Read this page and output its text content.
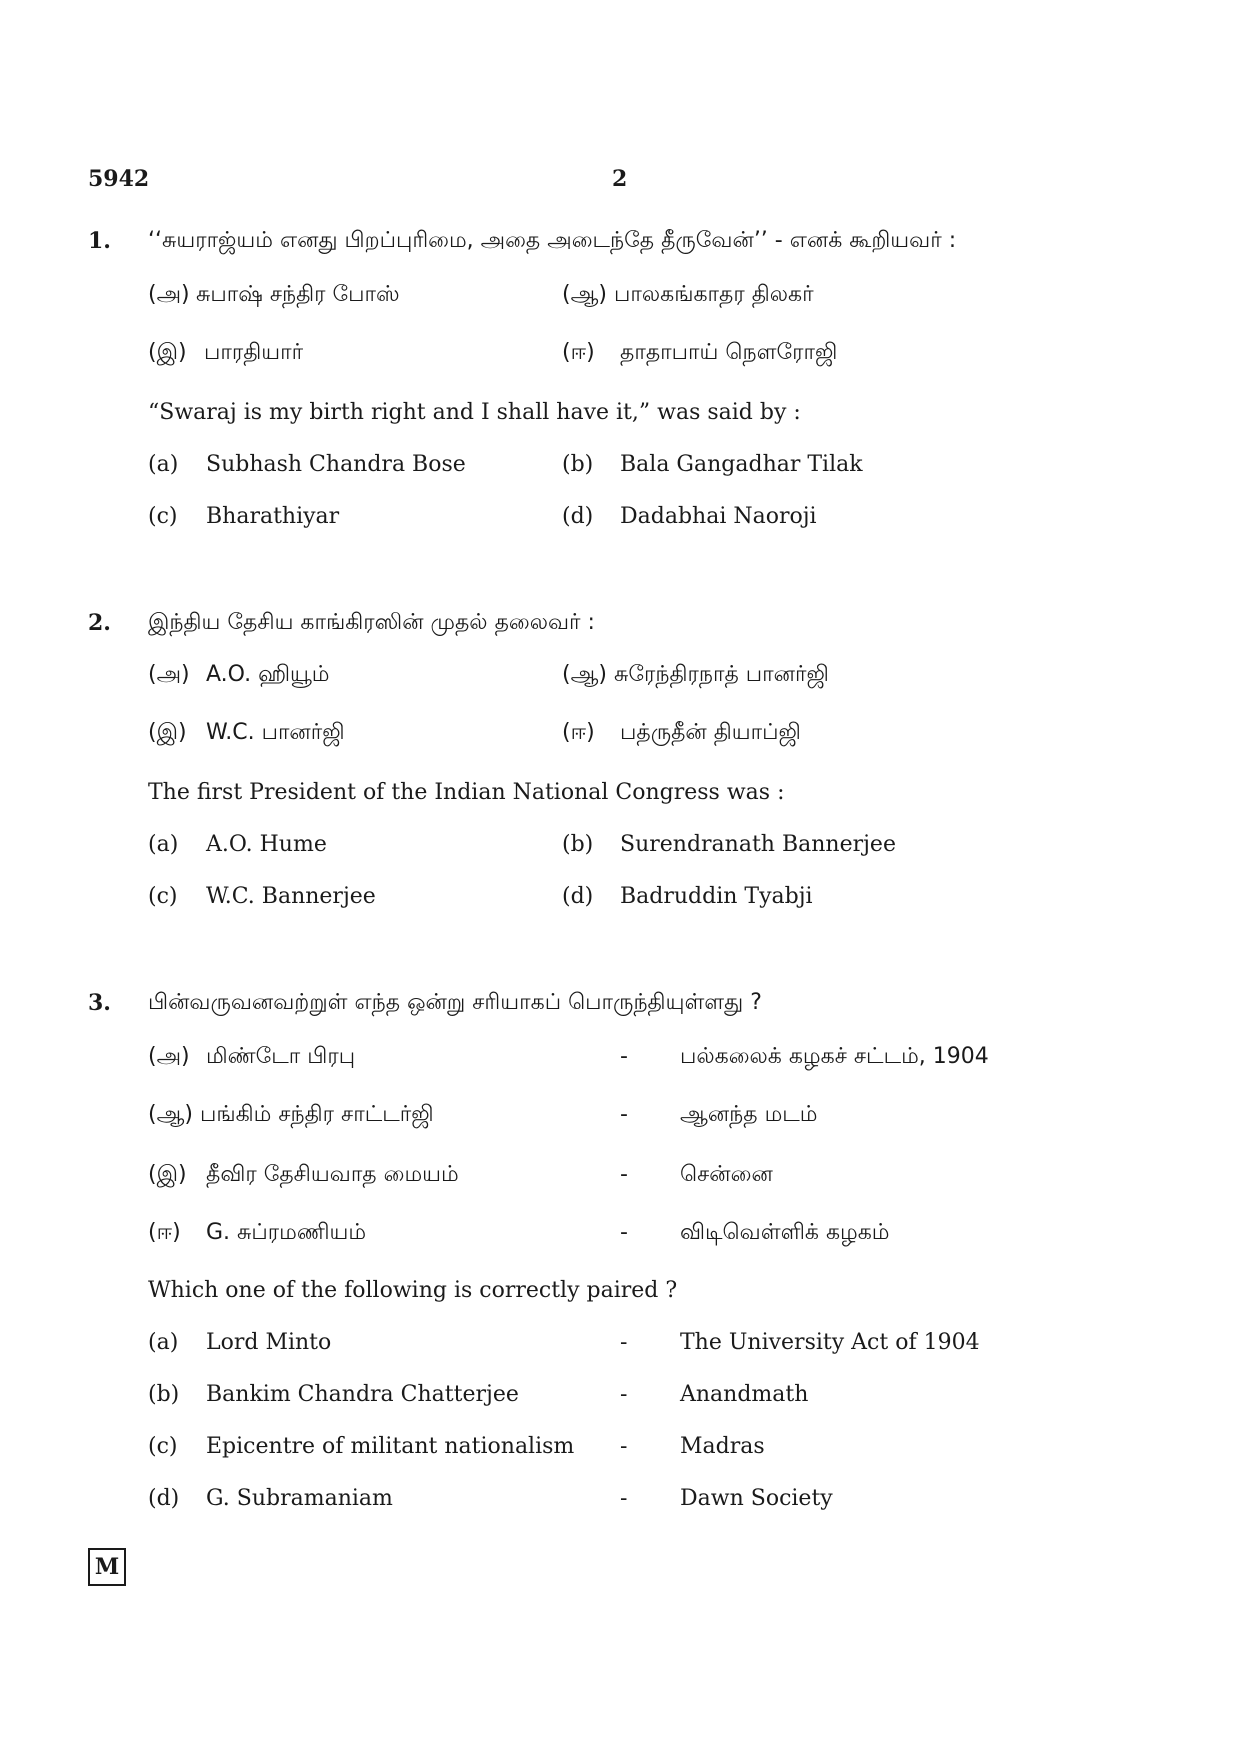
5942	2
1. ‘‘சுயராஜ்யம் எனது பிறப்புரிமை, அதை அடைந்தே தீருவேன்’’ - எனக் கூறியவர் :
(அ) சுபாஷ் சந்திர போஸ்	(ஆ) பாலகங்காதர திலகர்
(இ) பாரதியார்	(ஈ) தாதாபாய் நெளரோஜி
“Swaraj is my birth right and I shall have it,” was said by :
(a) Subhash Chandra Bose	(b) Bala Gangadhar Tilak
(c) Bharathiyar	(d) Dadabhai Naoroji
2. இந்திய தேசிய காங்கிரஸின் முதல் தலைவர் :
(அ) A.O. ஹியூம்	(ஆ) சுரேந்திரநாத் பானர்ஜி
(இ) W.C. பானர்ஜி	(ஈ) பத்ருதீன் தியாப்ஜி
The first President of the Indian National Congress was :
(a) A.O. Hume	(b) Surendranath Bannerjee
(c) W.C. Bannerjee	(d) Badruddin Tyabji
3. பின்வருவனவற்றுள் எந்த ஒன்று சரியாகப் பொருந்தியுள்ளது ?
(அ) மிண்டோ பிரபு	- பல்கலைக் கழகச் சட்டம், 1904
(ஆ) பங்கிம் சந்திர சாட்டர்ஜி	- ஆனந்த மடம்
(இ) தீவிர தேசியவாத மையம்	- சென்னை
(ஈ) G. சுப்ரமணியம்	- விடிவெள்ளிக் கழகம்
Which one of the following is correctly paired ?
(a) Lord Minto	- The University Act of 1904
(b) Bankim Chandra Chatterjee	- Anandmath
(c) Epicentre of militant nationalism - Madras
(d) G. Subramaniam	- Dawn Society
M
